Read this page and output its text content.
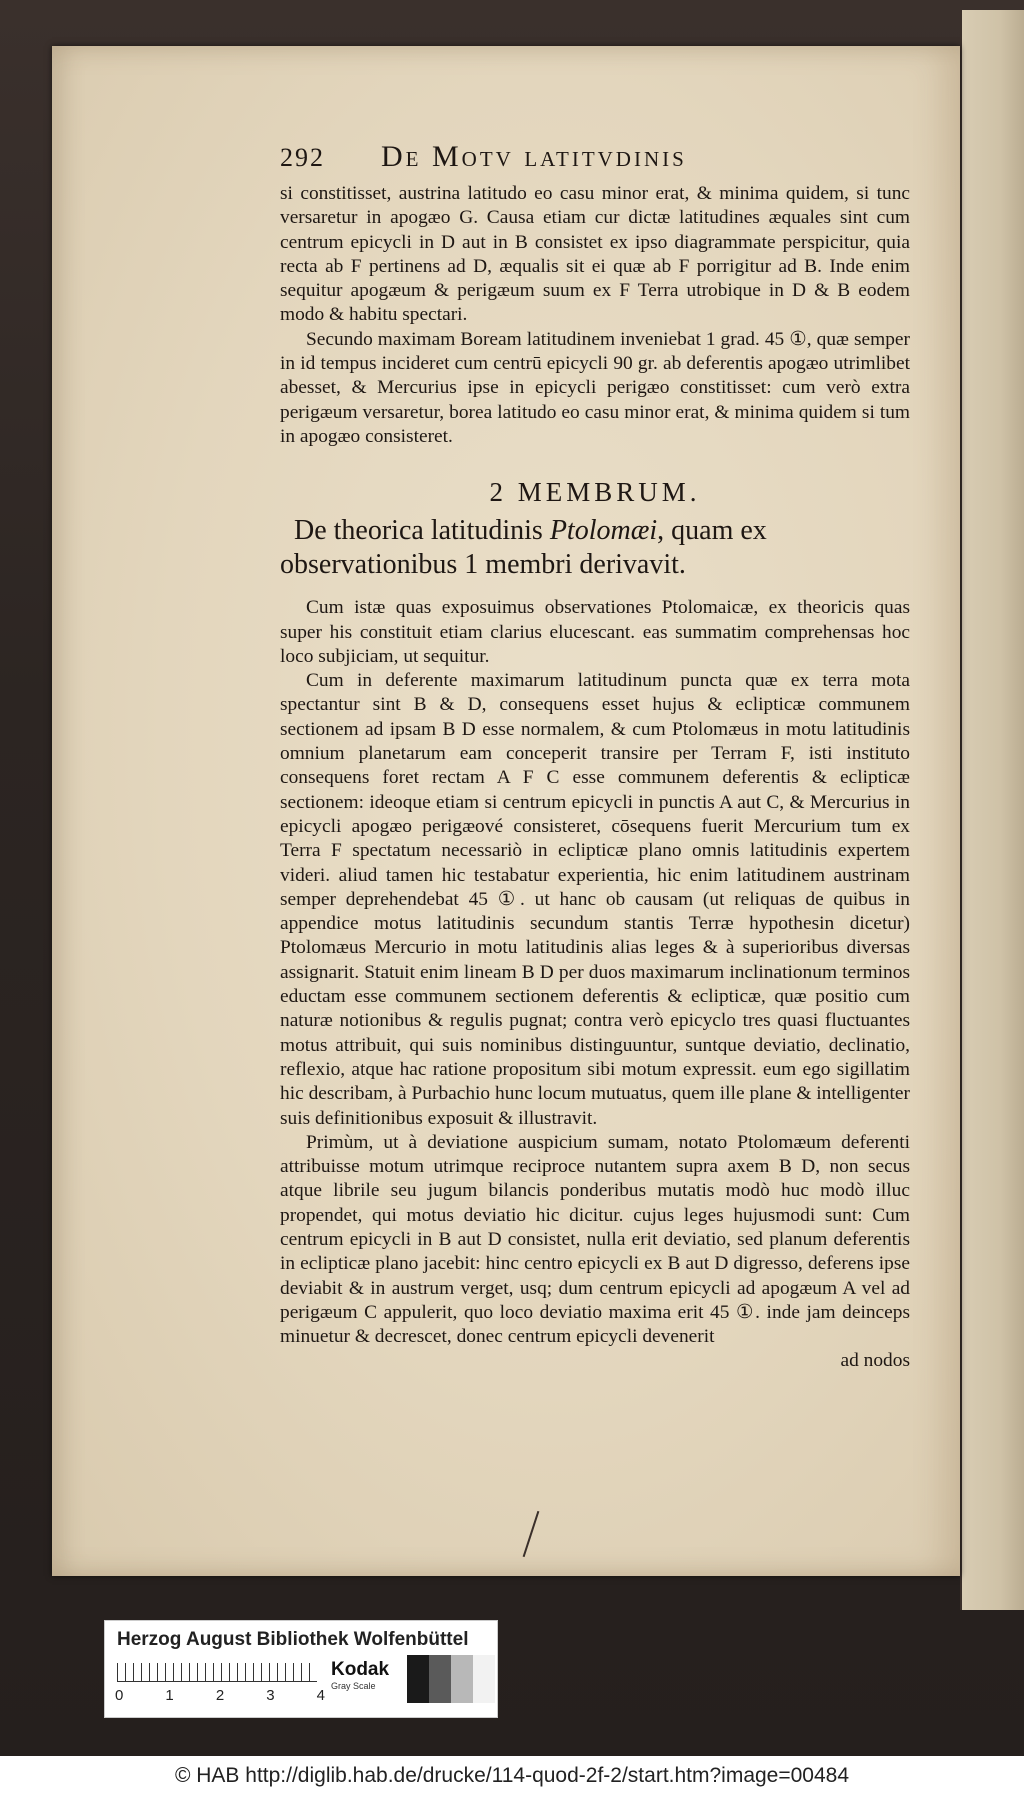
292 De Motv latitvdinis

si constitisset, austrina latitudo eo casu minor erat, & minima quidem, si tunc versaretur in apogæo G. Causa etiam cur dictæ latitudines æquales sint cum centrum epicycli in D aut in B consistet ex ipso diagrammate perspicitur, quia recta ab F pertinens ad D, æqualis sit ei quæ ab F porrigitur ad B. Inde enim sequitur apogæum & perigæum suum ex F Terra utrobique in D & B eodem modo & habitu spectari.

Secundo maximam Boream latitudinem inveniebat 1 grad. 45 ①, quæ semper in id tempus incideret cum centrū epicycli 90 gr. ab deferentis apogæo utrimlibet abesset, & Mercurius ipse in epicycli perigæo constitisset: cum verò extra perigæum versaretur, borea latitudo eo casu minor erat, & minima quidem si tum in apogæo consisteret.

2 MEMBRUM.
De theorica latitudinis Ptolomæi, quam ex observationibus 1 membri derivavit.

Cum istæ quas exposuimus observationes Ptolomaicæ, ex theoricis quas super his constituit etiam clarius elucescant. eas summatim comprehensas hoc loco subjiciam, ut sequitur.

Cum in deferente maximarum latitudinum puncta quæ ex terra mota spectantur sint B & D, consequens esset hujus & eclipticæ communem sectionem ad ipsam B D esse normalem, & cum Ptolomæus in motu latitudinis omnium planetarum eam conceperit transire per Terram F, isti instituto consequens foret rectam A F C esse communem deferentis & eclipticæ sectionem: ideoque etiam si centrum epicycli in punctis A aut C, & Mercurius in epicycli apogæo perigæové consisteret, cōsequens fuerit Mercurium tum ex Terra F spectatum necessariò in eclipticæ plano omnis latitudinis expertem videri. aliud tamen hic testabatur experientia, hic enim latitudinem austrinam semper deprehendebat 45 ①. ut hanc ob causam (ut reliquas de quibus in appendice motus latitudinis secundum stantis Terræ hypothesin dicetur) Ptolomæus Mercurio in motu latitudinis alias leges & à superioribus diversas assignarit. Statuit enim lineam B D per duos maximarum inclinationum terminos eductam esse communem sectionem deferentis & eclipticæ, quæ positio cum naturæ notionibus & regulis pugnat; contra verò epicyclo tres quasi fluctuantes motus attribuit, qui suis nominibus distinguuntur, suntque deviatio, declinatio, reflexio, atque hac ratione propositum sibi motum expressit. eum ego sigillatim hic describam, à Purbachio hunc locum mutuatus, quem ille plane & intelligenter suis definitionibus exposuit & illustravit.

Primùm, ut à deviatione auspicium sumam, notato Ptolomæum deferenti attribuisse motum utrimque reciproce nutantem supra axem B D, non secus atque librile seu jugum bilancis ponderibus mutatis modò huc modò illuc propendet, qui motus deviatio hic dicitur. cujus leges hujusmodi sunt: Cum centrum epicycli in B aut D consistet, nulla erit deviatio, sed planum deferentis in eclipticæ plano jacebit: hinc centro epicycli ex B aut D digresso, deferens ipse deviabit & in austrum verget, usq; dum centrum epicycli ad apogæum A vel ad perigæum C appulerit, quo loco deviatio maxima erit 45 ①. inde jam deinceps minuetur & decrescet, donec centrum epicycli devenerit

ad nodos

Herzog August Bibliothek Wolfenbüttel
0	1	2	3	4
Kodak
Gray Scale
© HAB http://diglib.hab.de/drucke/114-quod-2f-2/start.htm?image=00484
